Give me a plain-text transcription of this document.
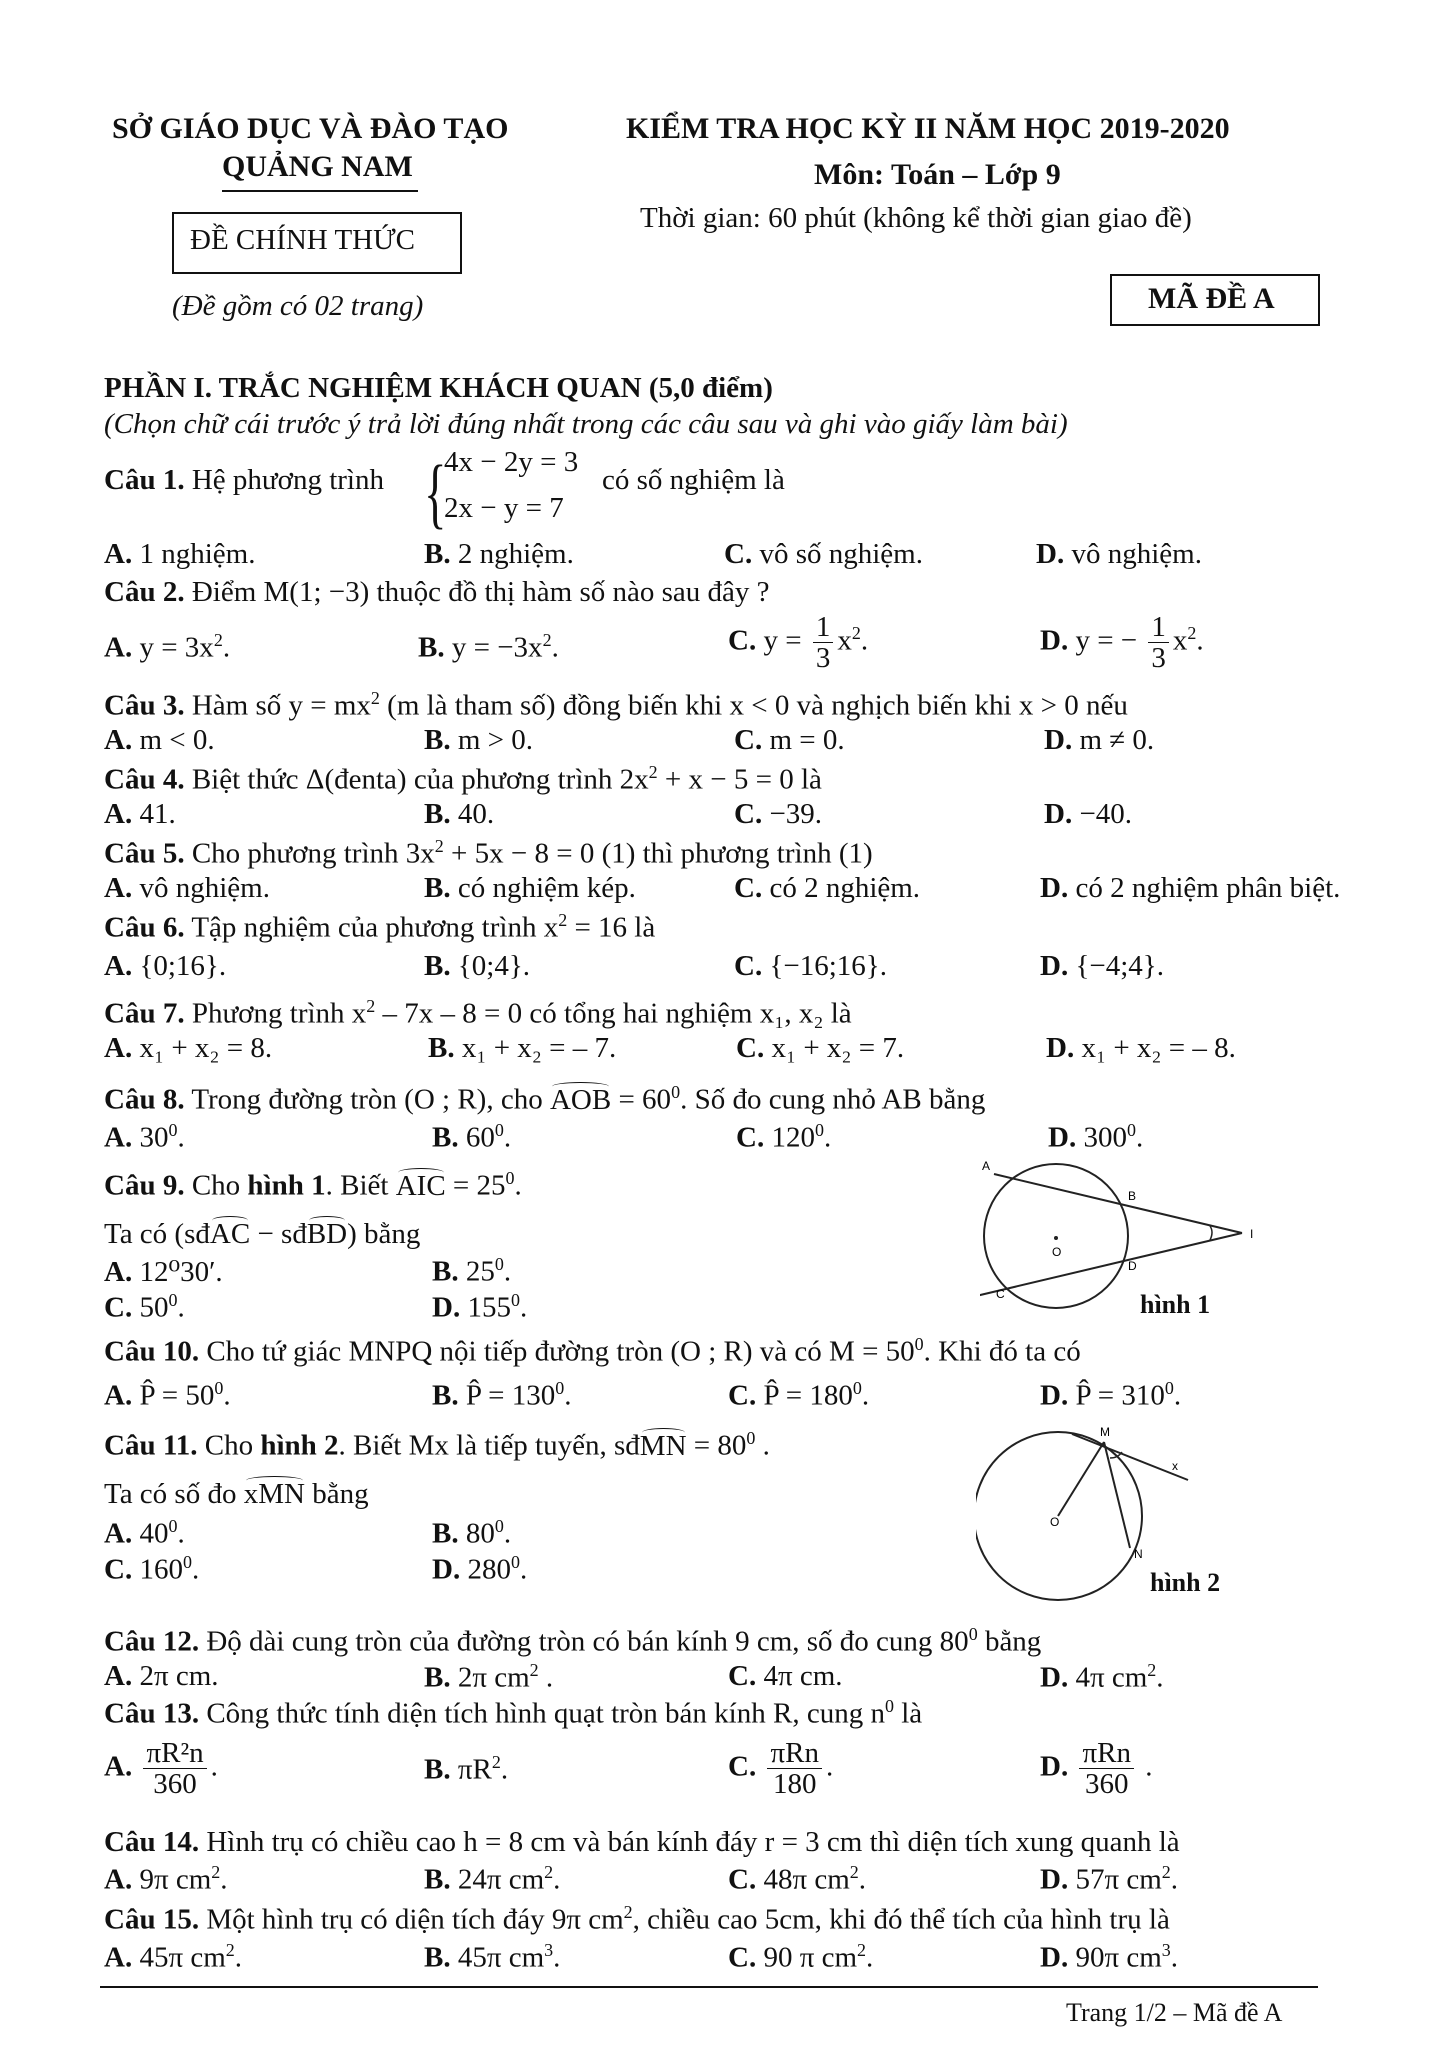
SỞ GIÁO DỤC VÀ ĐÀO TẠO
QUẢNG NAM
ĐỀ CHÍNH THỨC
(Đề gồm có 02 trang)
KIỂM TRA HỌC KỲ II NĂM HỌC 2019-2020
Môn: Toán – Lớp 9
Thời gian: 60 phút (không kể thời gian giao đề)
MÃ ĐỀ A
PHẦN I. TRẮC NGHIỆM KHÁCH QUAN (5,0 điểm)
(Chọn chữ cái trước ý trả lời đúng nhất trong các câu sau và ghi vào giấy làm bài)
Câu 1. Hệ phương trình {
4x − 2y = 3
2x − y = 7
có số nghiệm là
A. 1 nghiệm.	B. 2 nghiệm.	C. vô số nghiệm.	D. vô nghiệm.
Câu 2. Điểm M(1; −3) thuộc đồ thị hàm số nào sau đây ?
A. $y = 3x^2$.	B. $y = -3x^2$.	C. $y = \frac{1}{3} x^2$.	D. y = − $\frac{1}{3} x^2$.
Câu 3. Hàm số $y = mx^2$ (m là tham số) đồng biến khi x < 0 và nghịch biến khi x > 0 nếu
A. m < 0.	B. m > 0.	C. m = 0.	D. m ≠ 0.
Câu 4. Biệt thức Δ(đenta) của phương trình $2x^2 + x - 5 = 0$ là
A. 41.	B. 40.	C. −39.	D. −40.
Câu 5. Cho phương trình $3x^2 + 5x - 8 = 0$ (1) thì phương trình (1)
A. vô nghiệm.	B. có nghiệm kép.	C. có 2 nghiệm.	D. có 2 nghiệm phân biệt.
Câu 6. Tập nghiệm của phương trình $x^2 = 16$ là
A. {0;16}.	B. {0;4}.	C. {−16;16}.	D. {−4;4}.
Câu 7. Phương trình $x^2 - 7x - 8 = 0$ có tổng hai nghiệm x₁, x₂ là
A. x₁ + x₂ = 8.	B. x₁ + x₂ = – 7.	C. x₁ + x₂ = 7.	D. x₁ + x₂ = – 8.
Câu 8. Trong đường tròn (O ; R), cho AOB = $60^0$. Số đo cung nhỏ AB bằng
A. $30^0$.	B. $60^0$.	C. $120^0$.	D. $300^0$.
Câu 9. Cho hình 1. Biết AIC = $25^0$.
Ta có (sđAC − sđBD) bằng
A. 12⁰30′.	B. $25^0$.
C. $50^0$.	D. $155^0$.
A
B
O
I
D
C	hình 1
Câu 10. Cho tứ giác MNPQ nội tiếp đường tròn (O ; R) và có $M = 50^0$. Khi đó ta có
A. P̂ = $50^0$.	B. P̂ = $130^0$.	C. P̂ = $180^0$.	D. P̂ = $310^0$.
Câu 11. Cho hình 2. Biết Mx là tiếp tuyến, sđMN = $80^0$ .
Ta có số đo xMN bằng
A. $40^0$.	B. $80^0$.
C. $160^0$.	D. $280^0$.
M
x
O
N
hình 2
Câu 12. Độ dài cung tròn của đường tròn có bán kính 9 cm, số đo cung $80^0$ bằng
A. 2π cm.	B. 2π $cm^2$ .	C. 4π cm.	D. 4π $cm^2$.
Câu 13. Công thức tính diện tích hình quạt tròn bán kính R, cung $n^0$ là
A. $\frac{\text{πR²n}}{360}$ .	B. $\pi R^2$.	C. $\frac{\text{πRn}}{180}$ .	D. $\frac{\text{πRn}}{360}$ .
Câu 14. Hình trụ có chiều cao h = 8 cm và bán kính đáy r = 3 cm thì diện tích xung quanh là
A. 9π $cm^2$.	B. 24π $cm^2$.	C. 48π $cm^2$.	D. 57π $cm^2$.
Câu 15. Một hình trụ có diện tích đáy 9π $cm^2$, chiều cao 5cm, khi đó thể tích của hình trụ là
A. 45π $cm^2$.	B. 45π $cm^3$.	C. 90 π $cm^2$.	D. 90π $cm^3$.
Trang 1/2 – Mã đề A
